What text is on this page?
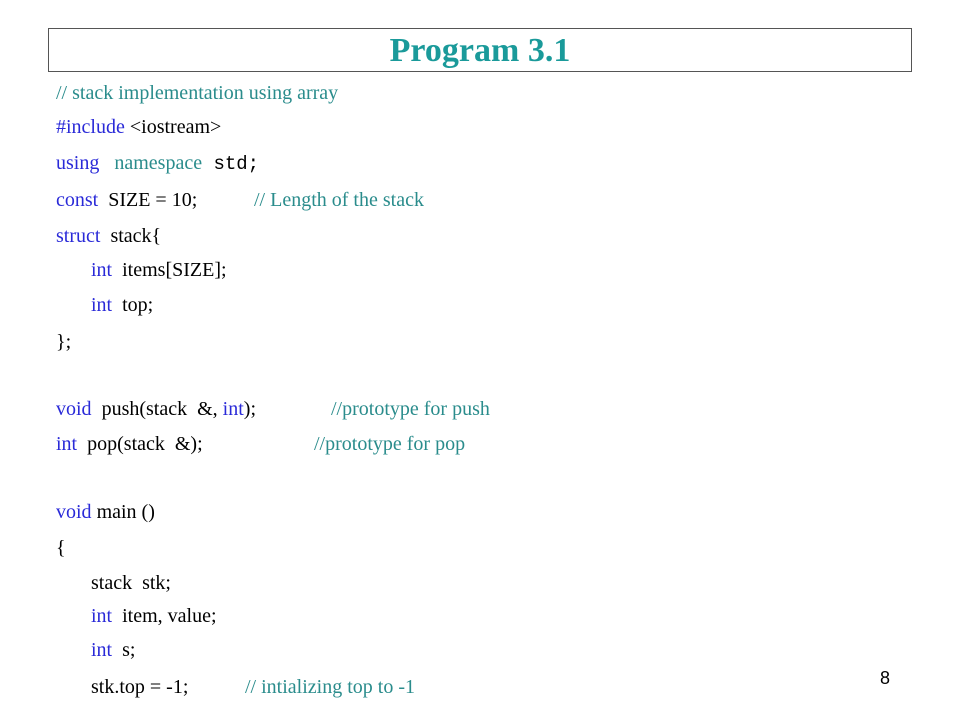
Program 3.1
// stack implementation using array
#include <iostream>
using namespace std;
const  SIZE = 10;	// Length of the stack
struct  stack{
int  items[SIZE];
int  top;
};
void  push(stack  &, int);	//prototype for push
int  pop(stack  &);	//prototype for pop
void main ()
{
stack  stk;
int  item, value;
int  s;
stk.top = -1;	// intializing top to -1	8
